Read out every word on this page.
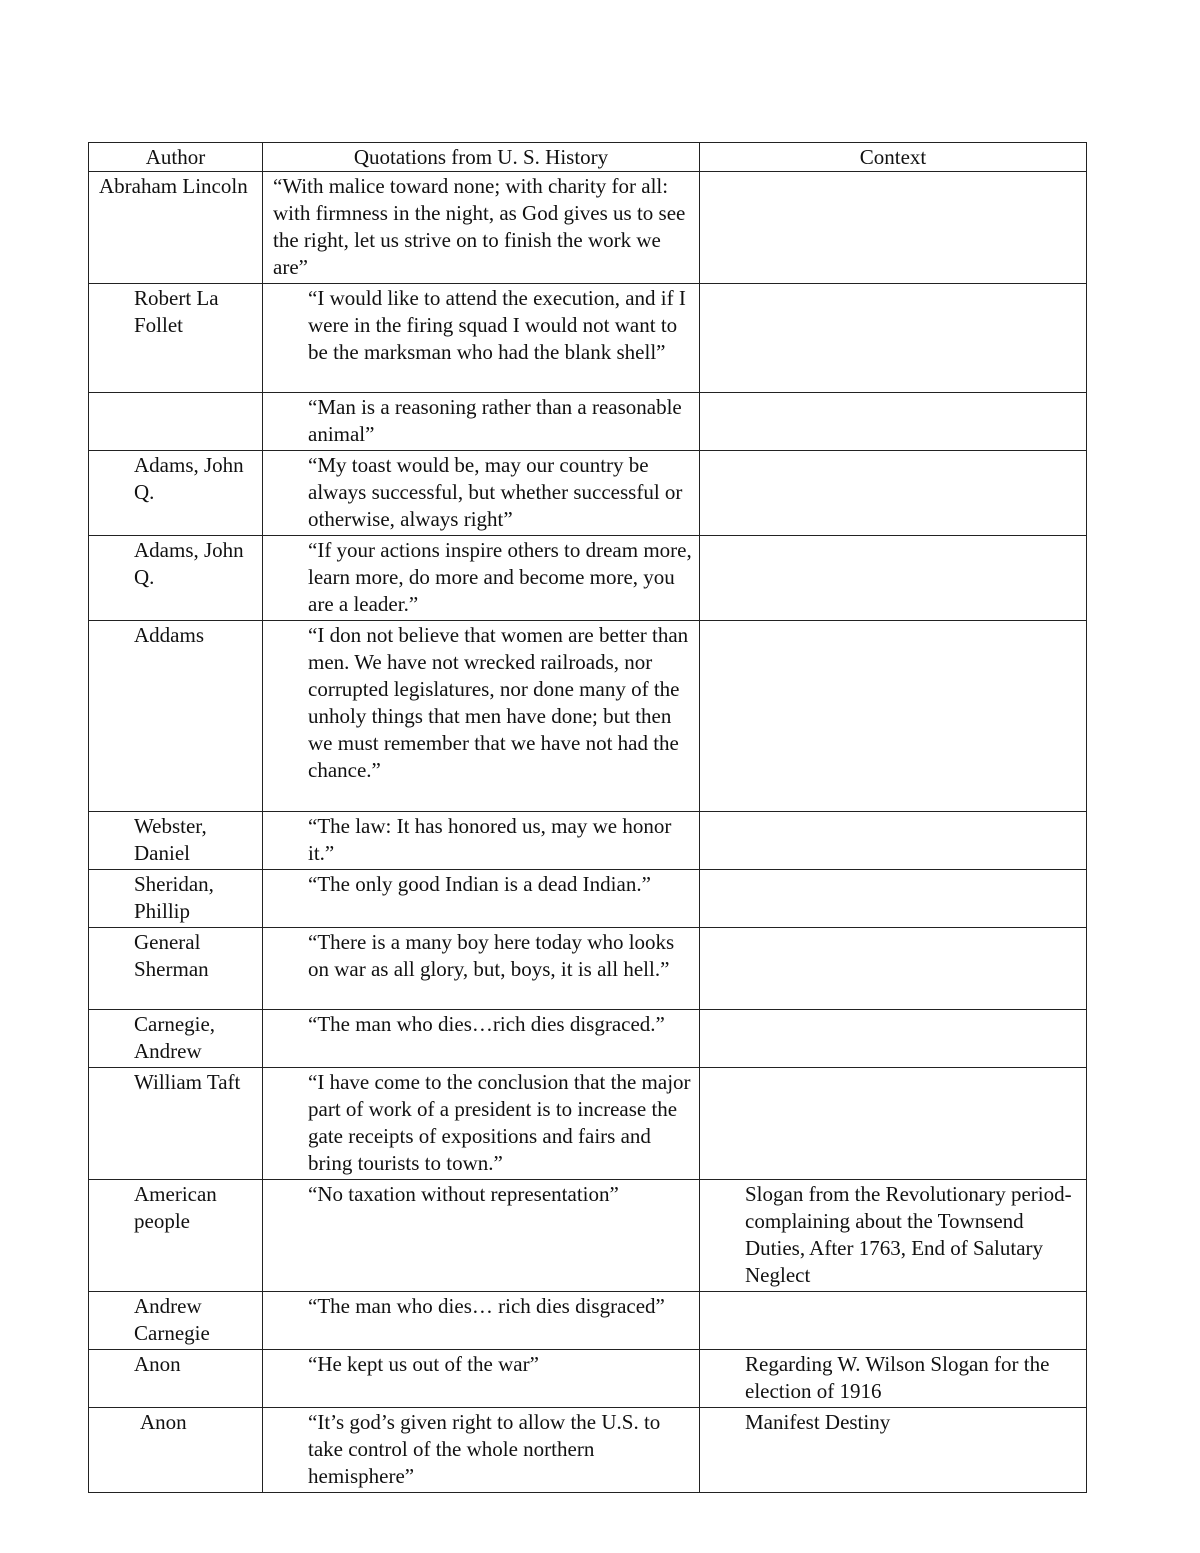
Author	Quotations from U. S. History	Context
Abraham Lincoln	“With malice toward none; with charity for all: with firmness in the night, as God gives us to see the right, let us strive on to finish the work we are”	
Robert La Follet	“I would like to attend the execution, and if I were in the firing squad I would not want to be the marksman who had the blank shell”	
	“Man is a reasoning rather than a reasonable animal”	
Adams, John Q.	“My toast would be, may our country be always successful, but whether successful or otherwise, always right”	
Adams, John Q.	“If your actions inspire others to dream more, learn more, do more and become more, you are a leader.”	
Addams	“I don not believe that women are better than men. We have not wrecked railroads, nor corrupted legislatures, nor done many of the unholy things that men have done; but then we must remember that we have not had the chance.”	
Webster, Daniel	“The law: It has honored us, may we honor it.”	
Sheridan, Phillip	“The only good Indian is a dead Indian.”	
General Sherman	“There is a many boy here today who looks on war as all glory, but, boys, it is all hell.”	
Carnegie, Andrew	“The man who dies…rich dies disgraced.”	
William Taft	“I have come to the conclusion that the major part of work of a president is to increase the gate receipts of expositions and fairs and bring tourists to town.”	
American people	“No taxation without representation”	Slogan from the Revolutionary period- complaining about the Townsend Duties, After 1763, End of Salutary Neglect
Andrew Carnegie	“The man who dies… rich dies disgraced”	
Anon	“He kept us out of the war”	Regarding W. Wilson Slogan for the election of 1916
Anon	“It’s god’s given right to allow the U.S. to take control of the whole northern hemisphere”	Manifest Destiny
